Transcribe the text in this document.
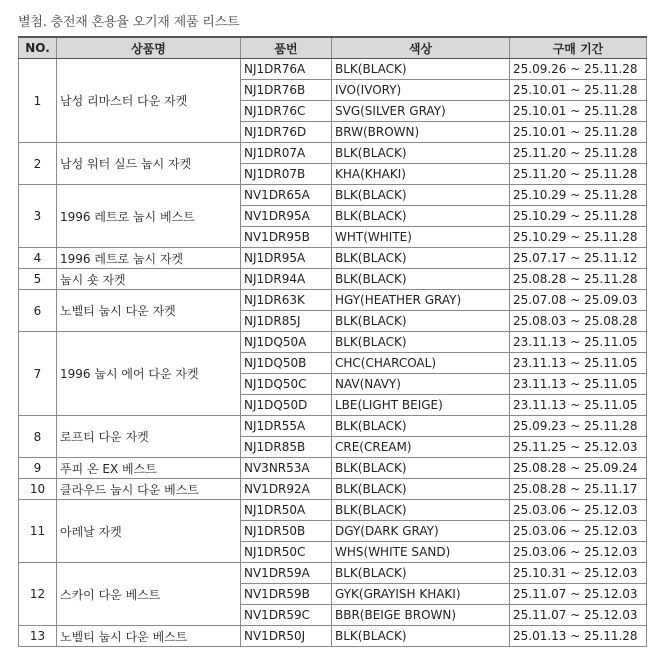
별첨. 충전재 혼용율 오기재 제품 리스트
NO.	상품명	품번	색상	구매 기간
1	남성 리마스터 다운 자켓	NJ1DR76A	BLK(BLACK)	25.09.26 ~ 25.11.28
		NJ1DR76B	IVO(IVORY)	25.10.01 ~ 25.11.28
		NJ1DR76C	SVG(SILVER GRAY)	25.10.01 ~ 25.11.28
		NJ1DR76D	BRW(BROWN)	25.10.01 ~ 25.11.28
2	남성 워터 실드 눕시 자켓	NJ1DR07A	BLK(BLACK)	25.11.20 ~ 25.11.28
		NJ1DR07B	KHA(KHAKI)	25.11.20 ~ 25.11.28
3	1996 레트로 눕시 베스트	NV1DR65A	BLK(BLACK)	25.10.29 ~ 25.11.28
		NV1DR95A	BLK(BLACK)	25.10.29 ~ 25.11.28
		NV1DR95B	WHT(WHITE)	25.10.29 ~ 25.11.28
4	1996 레트로 눕시 자켓	NJ1DR95A	BLK(BLACK)	25.07.17 ~ 25.11.12
5	눕시 숏 자켓	NJ1DR94A	BLK(BLACK)	25.08.28 ~ 25.11.28
6	노벨티 눕시 다운 자켓	NJ1DR63K	HGY(HEATHER GRAY)	25.07.08 ~ 25.09.03
		NJ1DR85J	BLK(BLACK)	25.08.03 ~ 25.08.28
7	1996 눕시 에어 다운 자켓	NJ1DQ50A	BLK(BLACK)	23.11.13 ~ 25.11.05
		NJ1DQ50B	CHC(CHARCOAL)	23.11.13 ~ 25.11.05
		NJ1DQ50C	NAV(NAVY)	23.11.13 ~ 25.11.05
		NJ1DQ50D	LBE(LIGHT BEIGE)	23.11.13 ~ 25.11.05
8	로프티 다운 자켓	NJ1DR55A	BLK(BLACK)	25.09.23 ~ 25.11.28
		NJ1DR85B	CRE(CREAM)	25.11.25 ~ 25.12.03
9	푸피 온 EX 베스트	NV3NR53A	BLK(BLACK)	25.08.28 ~ 25.09.24
10	클라우드 눕시 다운 베스트	NV1DR92A	BLK(BLACK)	25.08.28 ~ 25.11.17
11	아레날 자켓	NJ1DR50A	BLK(BLACK)	25.03.06 ~ 25.12.03
		NJ1DR50B	DGY(DARK GRAY)	25.03.06 ~ 25.12.03
		NJ1DR50C	WHS(WHITE SAND)	25.03.06 ~ 25.12.03
12	스카이 다운 베스트	NV1DR59A	BLK(BLACK)	25.10.31 ~ 25.12.03
		NV1DR59B	GYK(GRAYISH KHAKI)	25.11.07 ~ 25.12.03
		NV1DR59C	BBR(BEIGE BROWN)	25.11.07 ~ 25.12.03
13	노벨티 눕시 다운 베스트	NV1DR50J	BLK(BLACK)	25.01.13 ~ 25.11.28
